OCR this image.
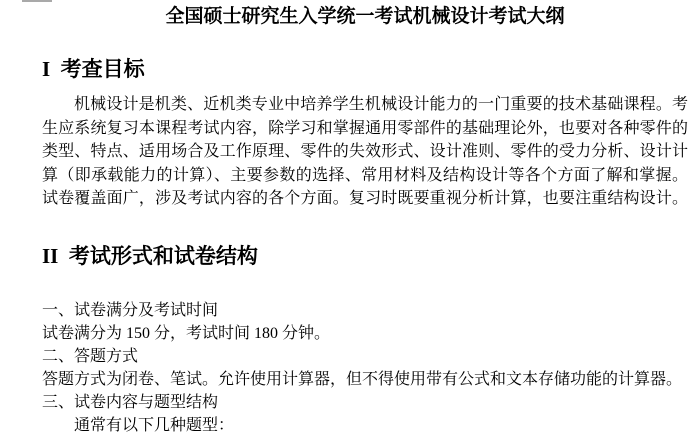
全国硕士研究生入学统一考试机械设计考试大纲
I  考查目标
机械设计是机类、近机类专业中培养学生机械设计能力的一门重要的技术基础课程。考
生应系统复习本课程考试内容，除学习和掌握通用零部件的基础理论外，也要对各种零件的
类型、特点、适用场合及工作原理、零件的失效形式、设计准则、零件的受力分析、设计计
算（即承载能力的计算）、主要参数的选择、常用材料及结构设计等各个方面了解和掌握。
试卷覆盖面广，涉及考试内容的各个方面。复习时既要重视分析计算，也要注重结构设计。
II  考试形式和试卷结构
一、试卷满分及考试时间
试卷满分为 150 分，考试时间 180 分钟。
二、答题方式
答题方式为闭卷、笔试。允许使用计算器，但不得使用带有公式和文本存储功能的计算器。
三、试卷内容与题型结构
通常有以下几种题型：
